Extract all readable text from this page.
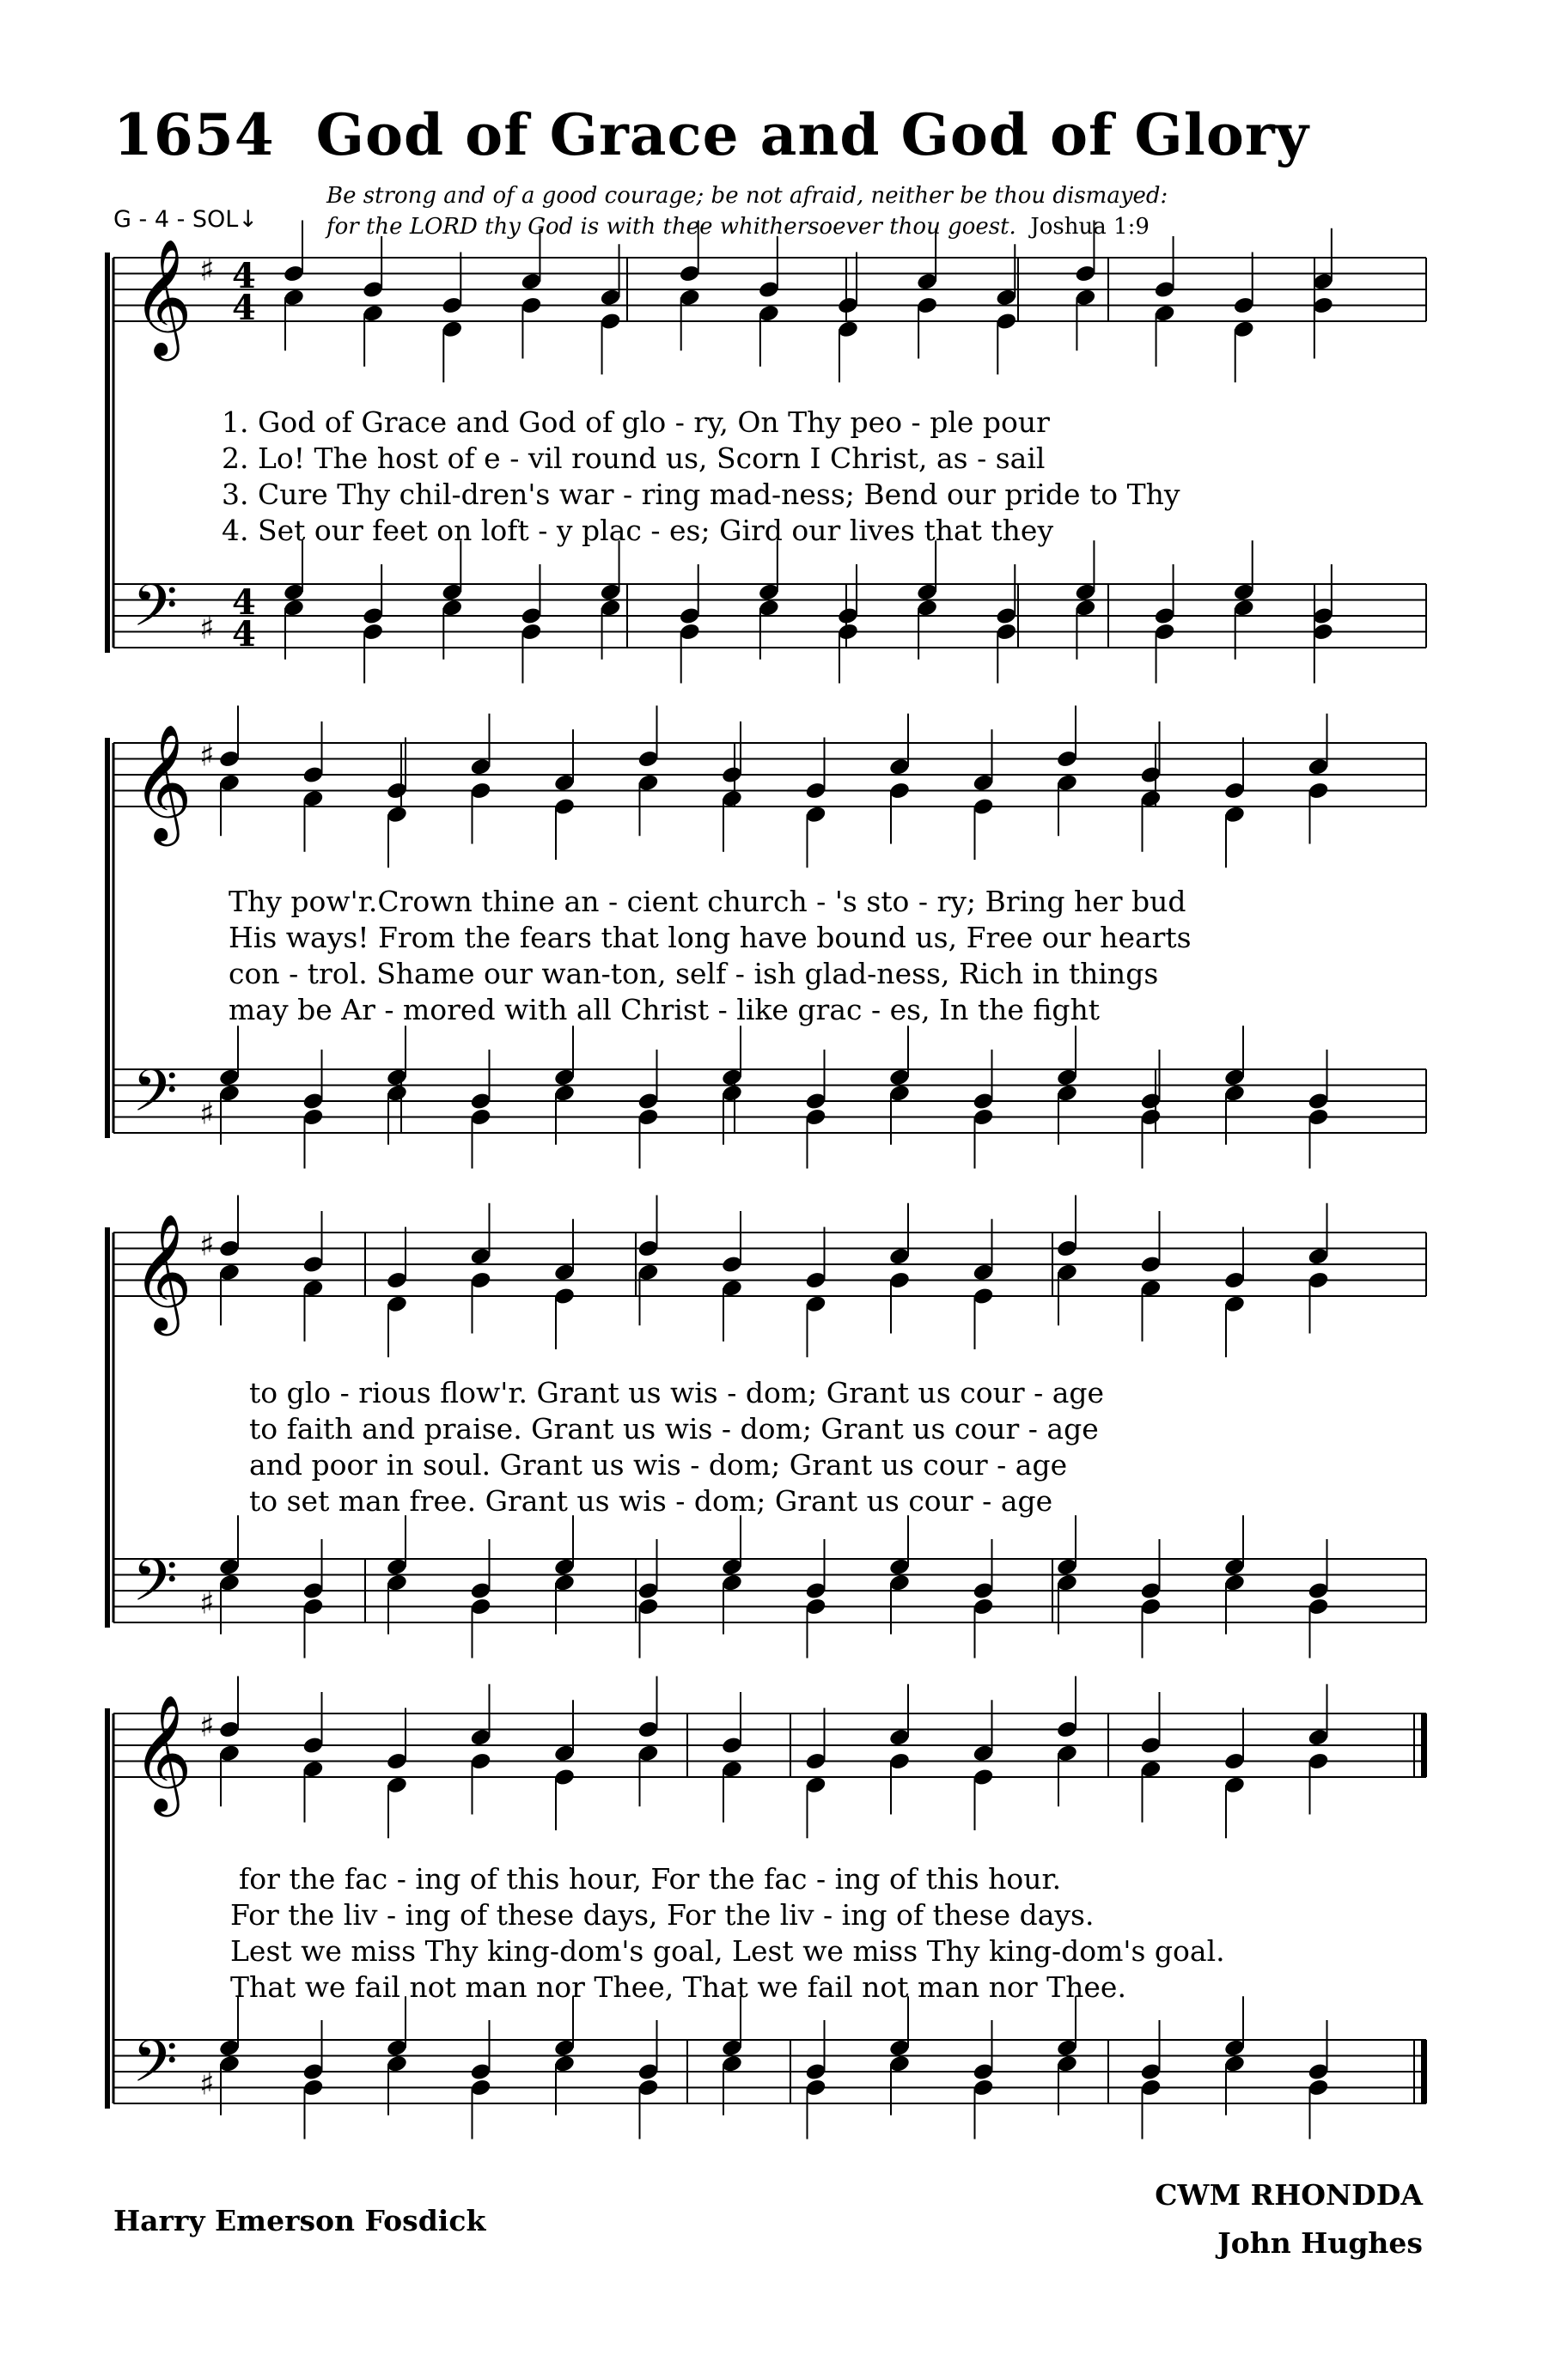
1654 God of Grace and God of Glory
G - 4 - SOL↓
Be strong and of a good courage; be not afraid, neither be thou dismayed:
for the LORD thy God is with thee whithersoever thou goest. Joshua 1:9
𝄞
𝄢
♯
♯
4
4
4
4
𝄞
𝄢
♯
♯
𝄞
𝄢
♯
♯
𝄞
𝄢
♯
♯
1. God of Grace and God of glo - ry, On Thy peo - ple pour
2. Lo! The host of e - vil round us, Scorn I Christ, as - sail
3. Cure Thy chil-dren's war - ring mad-ness; Bend our pride to Thy
4. Set our feet on loft - y plac - es; Gird our lives that they
Thy pow'r.Crown thine an - cient church - 's sto - ry; Bring her bud
His ways! From the fears that long have bound us, Free our hearts
con - trol. Shame our wan-ton, self - ish glad-ness, Rich in things
may be Ar - mored with all Christ - like grac - es, In the fight
to glo - rious flow'r. Grant us wis - dom; Grant us cour - age
to faith and praise. Grant us wis - dom; Grant us cour - age
and poor in soul. Grant us wis - dom; Grant us cour - age
to set man free. Grant us wis - dom; Grant us cour - age
for the fac - ing of this hour, For the fac - ing of this hour.
For the liv - ing of these days, For the liv - ing of these days.
Lest we miss Thy king-dom's goal, Lest we miss Thy king-dom's goal.
That we fail not man nor Thee, That we fail not man nor Thee.
Harry Emerson Fosdick
CWM RHONDDA
John Hughes
